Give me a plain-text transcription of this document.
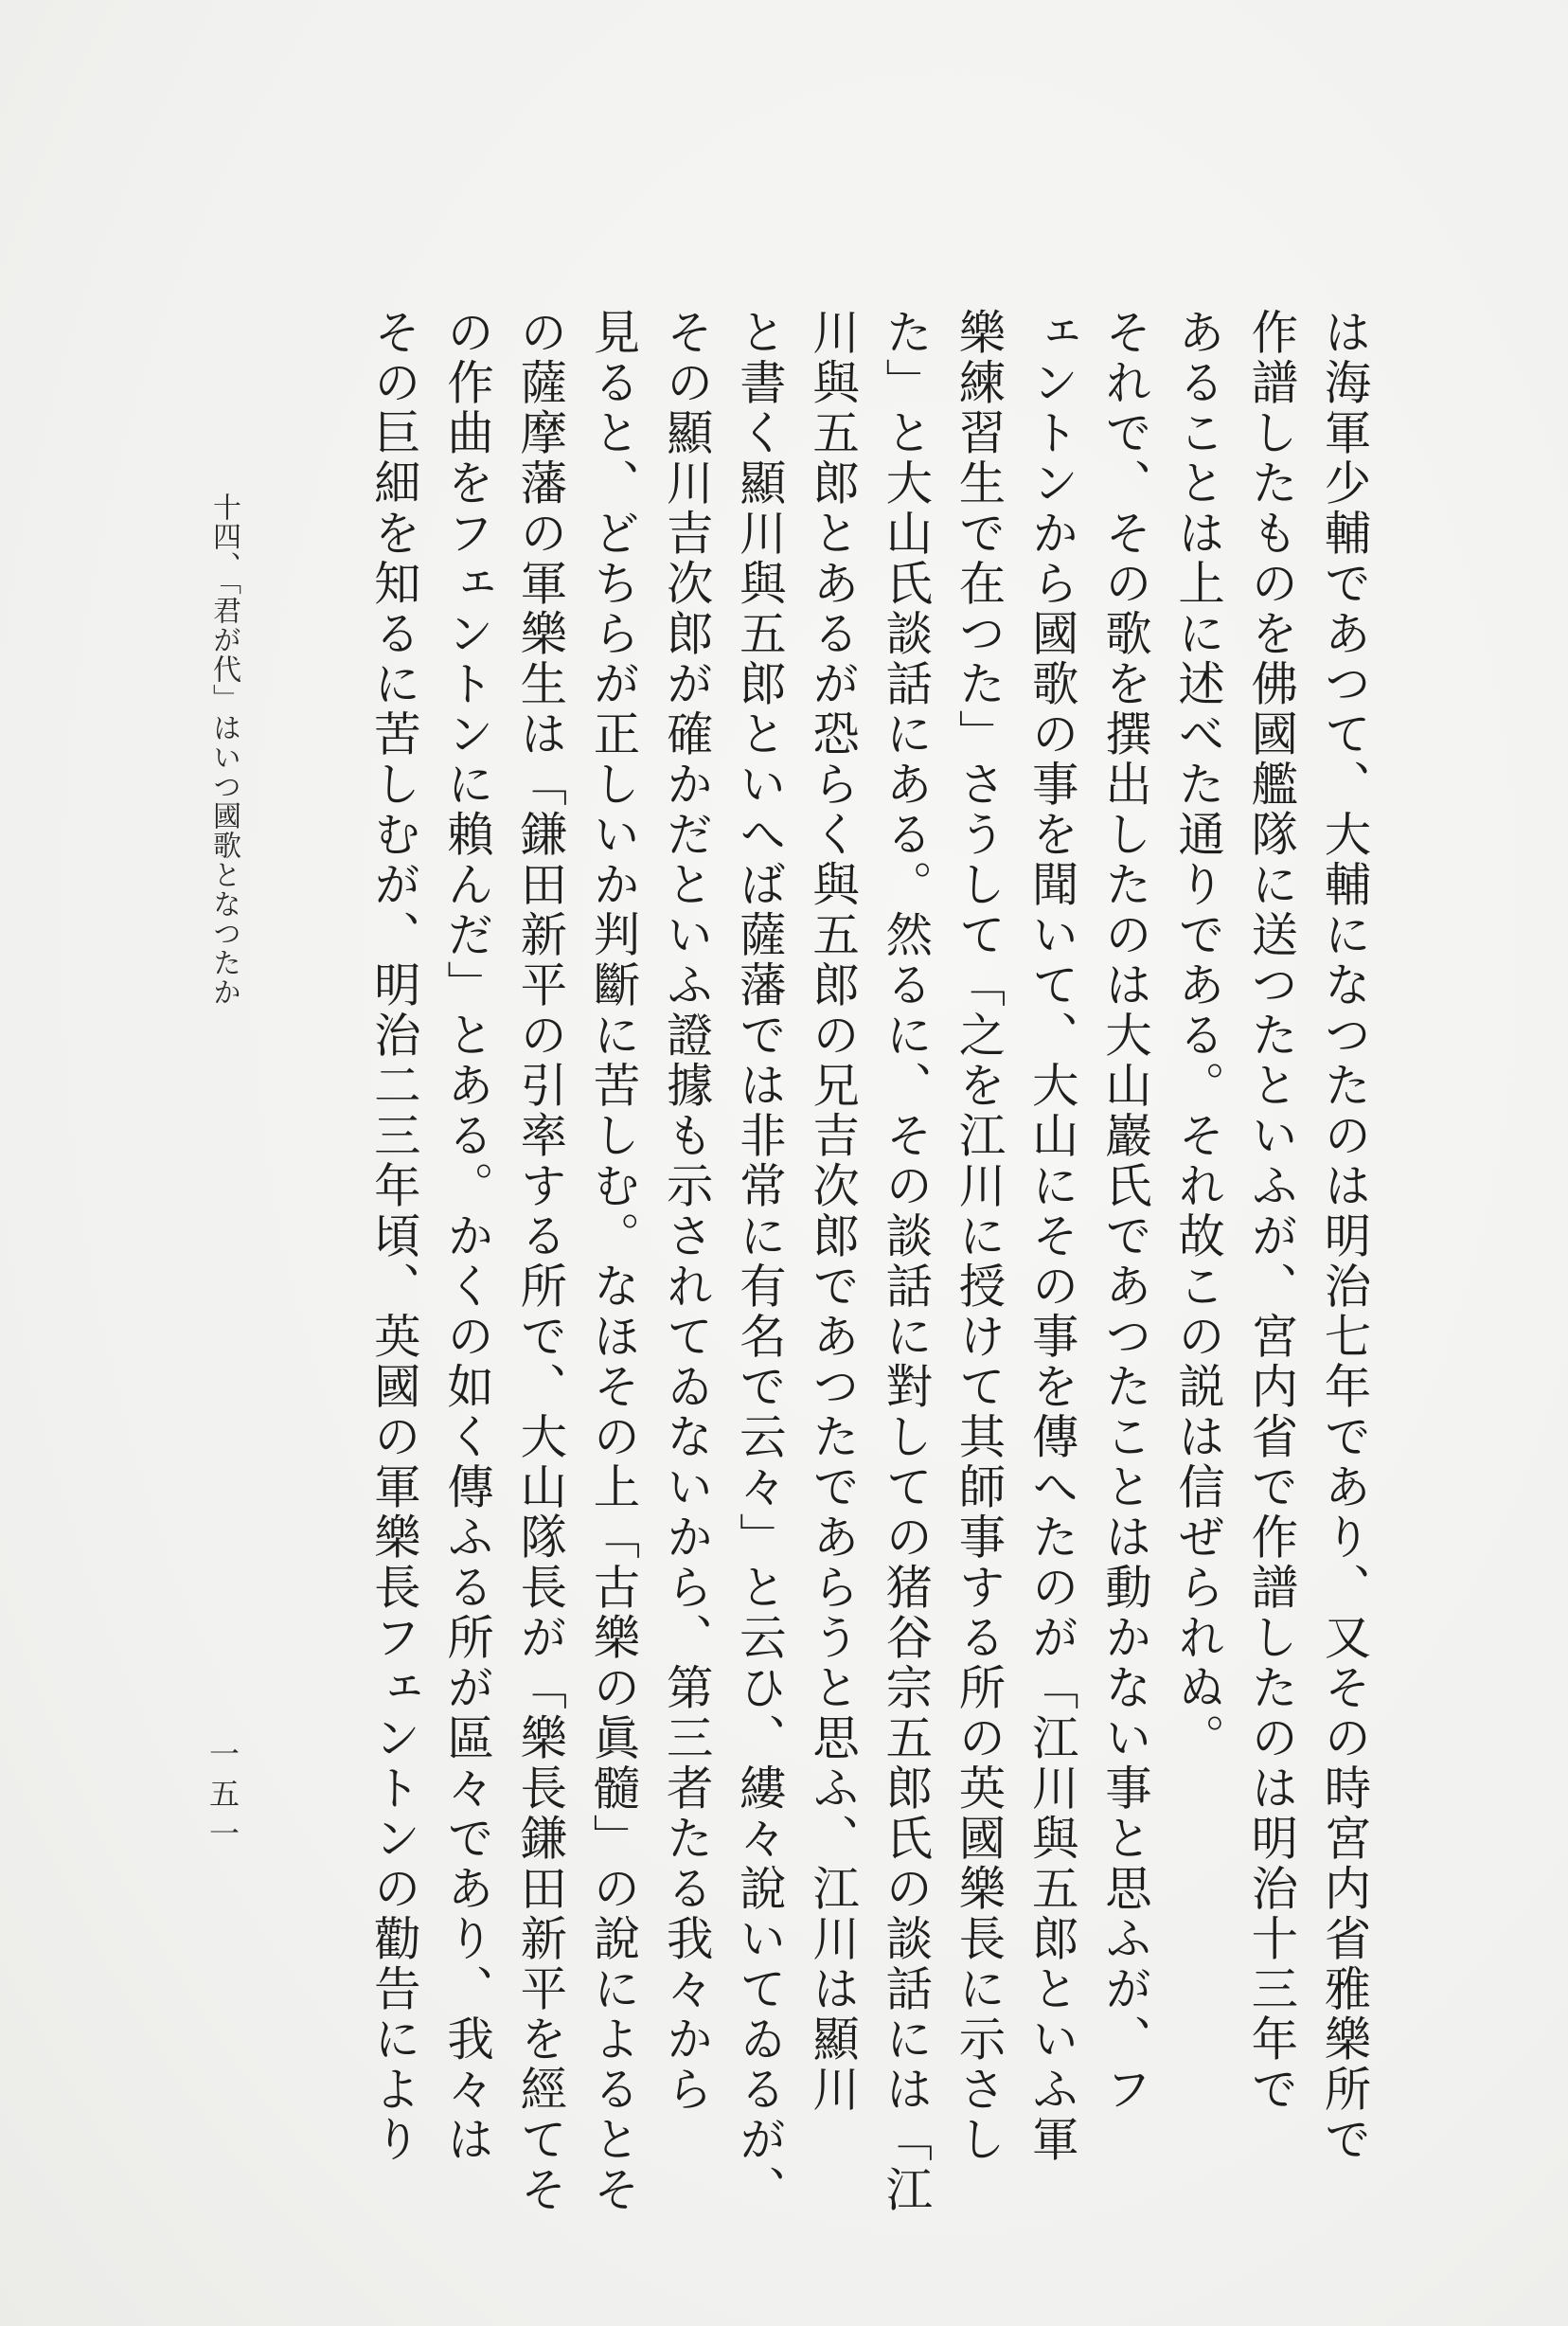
は海軍少輔であつて、大輔になつたのは明治七年であり、又その時宮内省雅樂所で
作譜したものを佛國艦隊に送つたといふが、宮内省で作譜したのは明治十三年で
あることは上に述べた通りである。それ故この説は信ぜられぬ。
それで、その歌を撰出したのは大山巖氏であつたことは動かない事と思ふが、フ
ェントンから國歌の事を聞いて、大山にその事を傳へたのが「江川與五郎といふ軍
樂練習生で在つた」さうして「之を江川に授けて其師事する所の英國樂長に示さし
た」と大山氏談話にある。然るに、その談話に對しての猪谷宗五郎氏の談話には「江
川與五郎とあるが恐らく與五郎の兄吉次郎であつたであらうと思ふ、江川は顯川
と書く顯川與五郎といへば薩藩では非常に有名で云々」と云ひ、縷々說いてゐるが、
その顯川吉次郎が確かだといふ證據も示されてゐないから、第三者たる我々から
見ると、どちらが正しいか判斷に苦しむ。なほその上「古樂の眞髓」の說によるとそ
の薩摩藩の軍樂生は「鎌田新平の引率する所で、大山隊長が「樂長鎌田新平を經てそ
の作曲をフェントンに賴んだ」とある。かくの如く傳ふる所が區々であり、我々は
その巨細を知るに苦しむが、明治二三年頃、英國の軍樂長フェントンの勸告により
十四、「君が代」はいつ國歌となつたか
一五一
